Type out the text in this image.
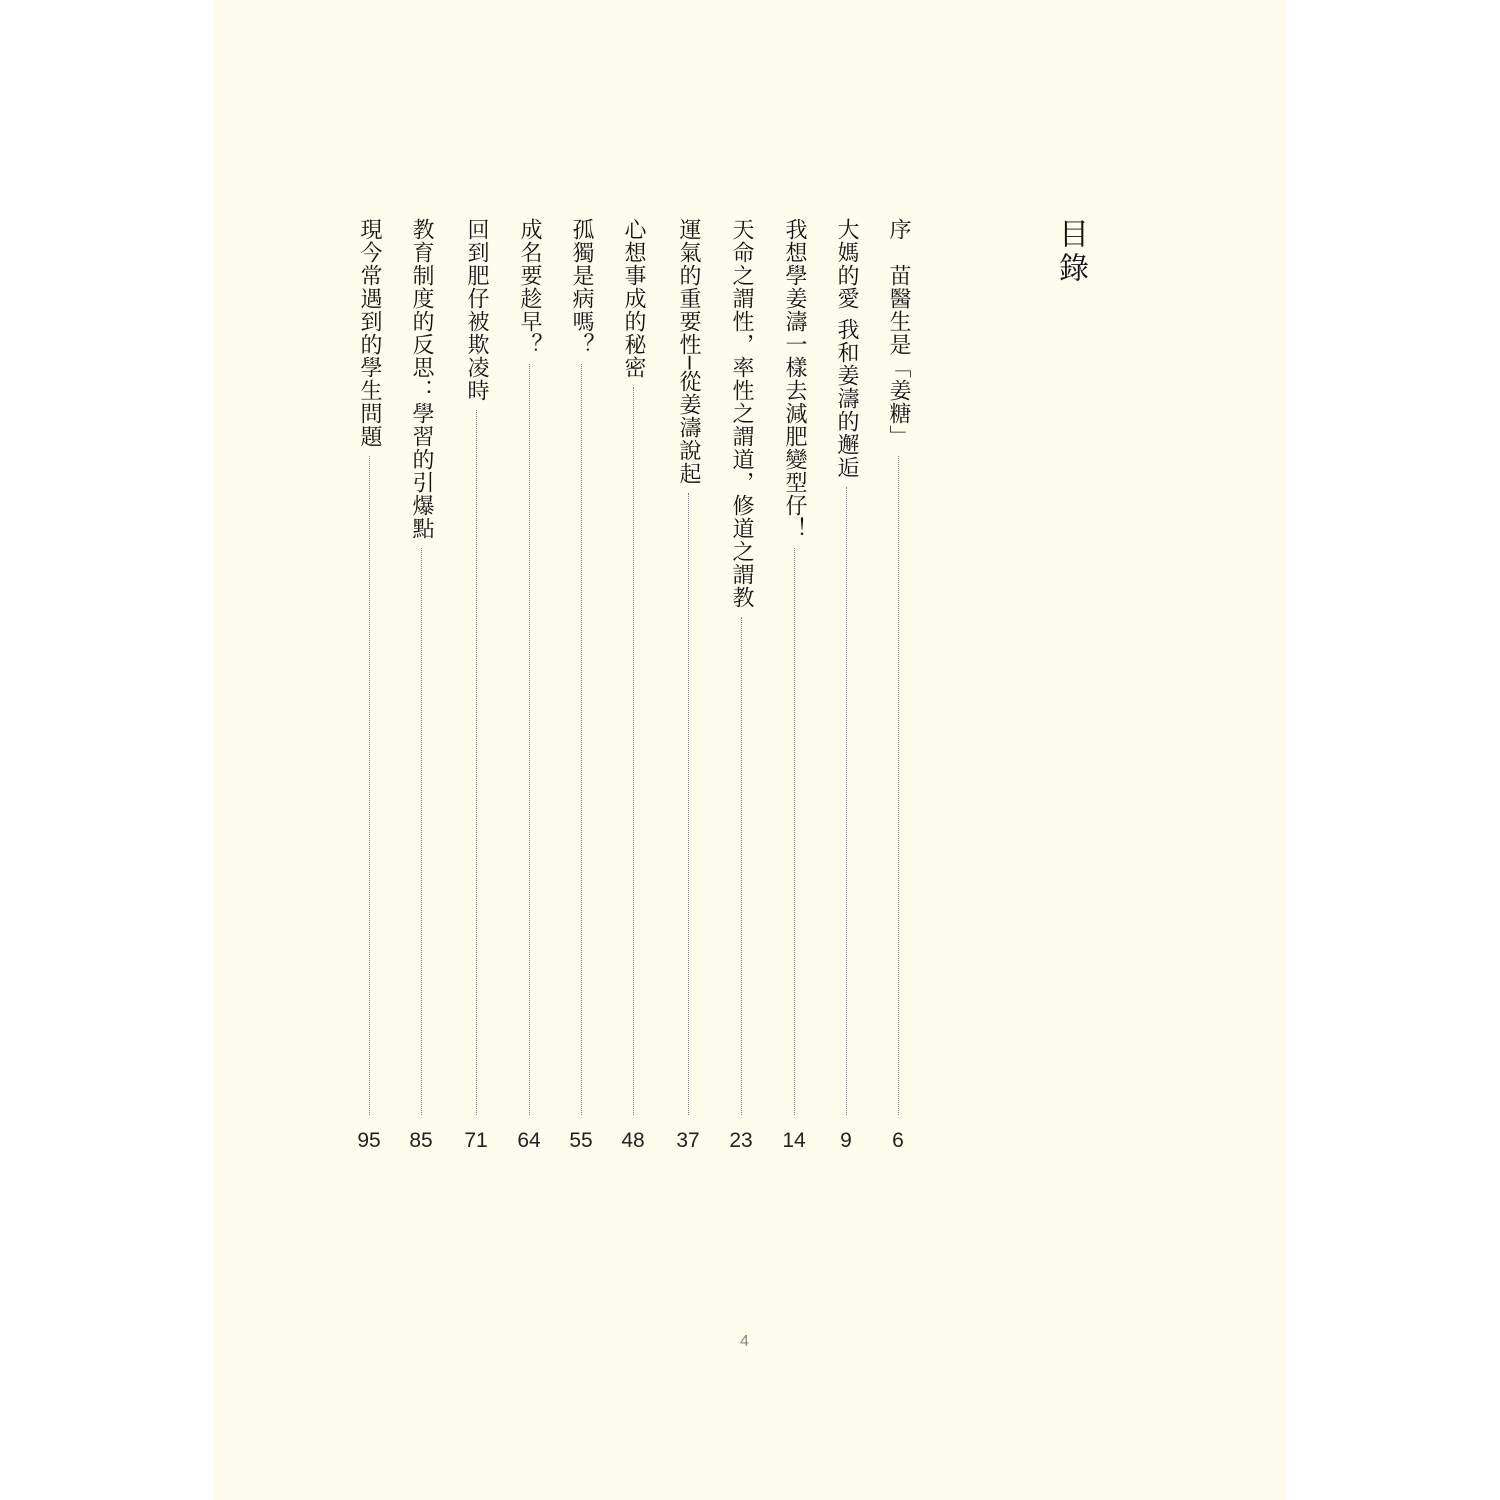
目錄
序　苗醫生是「姜糖」
6
大媽的愛 我和姜濤的邂逅
9
我想學姜濤一樣去減肥變型仔！
14
天命之謂性，率性之謂道，修道之謂教
23
運氣的重要性─從姜濤說起
37
心想事成的秘密
48
孤獨是病嗎？
55
成名要趁早？
64
回到肥仔被欺凌時
71
教育制度的反思：學習的引爆點
85
現今常遇到的學生問題
95
4
